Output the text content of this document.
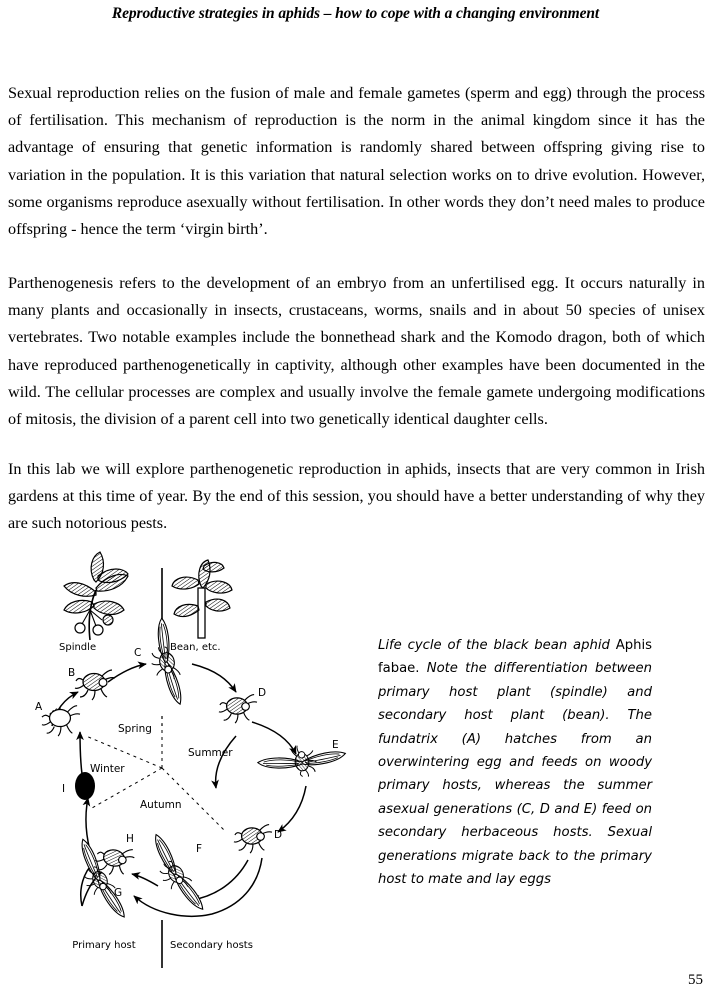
Reproductive strategies in aphids – how to cope with a changing environment
Sexual reproduction relies on the fusion of male and female gametes (sperm and egg) through the process of fertilisation. This mechanism of reproduction is the norm in the animal kingdom since it has the advantage of ensuring that genetic information is randomly shared between offspring giving rise to variation in the population. It is this variation that natural selection works on to drive evolution. However, some organisms reproduce asexually without fertilisation. In other words they don’t need males to produce offspring - hence the term ‘virgin birth’.
Parthenogenesis refers to the development of an embryo from an unfertilised egg. It occurs naturally in many plants and occasionally in insects, crustaceans, worms, snails and in about 50 species of unisex vertebrates. Two notable examples include the bonnethead shark and the Komodo dragon, both of which have reproduced parthenogenetically in captivity, although other examples have been documented in the wild. The cellular processes are complex and usually involve the female gamete undergoing modifications of mitosis, the division of a parent cell into two genetically identical daughter cells.
In this lab we will explore parthenogenetic reproduction in aphids, insects that are very common in Irish gardens at this time of year. By the end of this session, you should have a better understanding of why they are such notorious pests.
Spindle	Bean, etc.
Spring
Summer
Autumn
Winter
A
B
C
D
E
D
F
G
H
I
Primary host	Secondary hosts
Life cycle of the black bean aphid Aphis fabae. Note the differentiation between primary host plant (spindle) and secondary host plant (bean). The fundatrix (A) hatches from an overwintering egg and feeds on woody primary hosts, whereas the summer asexual generations (C, D and E) feed on secondary herbaceous hosts. Sexual generations migrate back to the primary host to mate and lay eggs
55
